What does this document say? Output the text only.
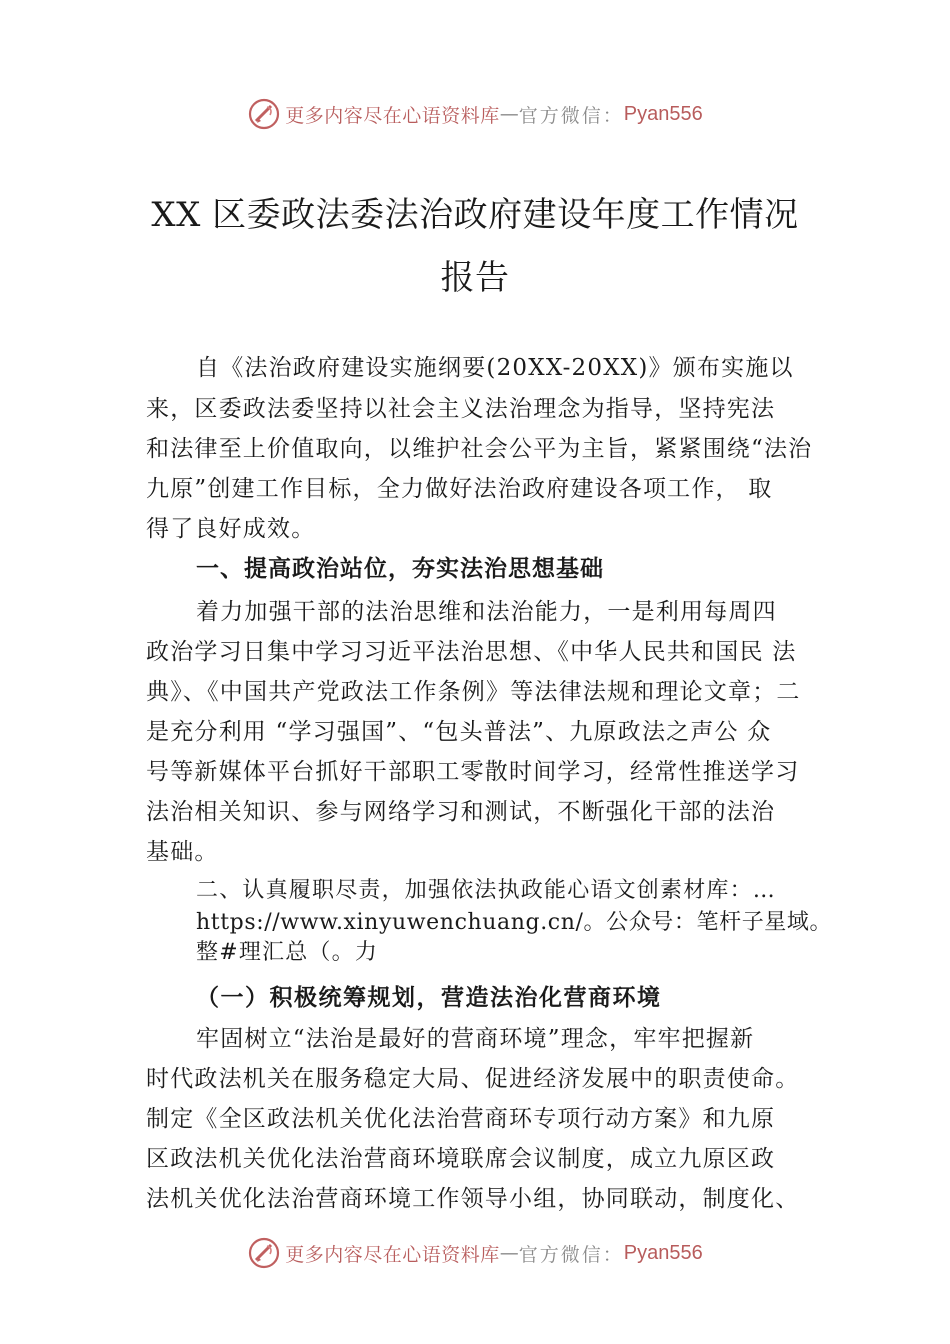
更多内容尽在心语资料库 — 官方微信： Pyan556
XX 区委政法委法治政府建设年度工作情况
报告
自《法治政府建设实施纲要(20XX-20XX)》颁布实施以
来，区委政法委坚持以社会主义法治理念为指导，坚持宪法
和法律至上价值取向，以维护社会公平为主旨，紧紧围绕“法治
九原”创建工作目标，全力做好法治政府建设各项工作， 取
得了良好成效。
一、提高政治站位，夯实法治思想基础
着力加强干部的法治思维和法治能力，一是利用每周四
政治学习日集中学习习近平法治思想、《中华人民共和国民 法
典》、《中国共产党政法工作条例》等法律法规和理论文章；二
是充分利用 “学习强国”、“包头普法”、九原政法之声公 众
号等新媒体平台抓好干部职工零散时间学习，经常性推送学习
法治相关知识、参与网络学习和测试，不断强化干部的法治
基础。
二、认真履职尽责，加强依法执政能心语文创素材库：…
https://www.xinyuwenchuang.cn/。公众号：笔杆子星域。
整#理汇总（。力
（一）积极统筹规划，营造法治化营商环境
牢固树立“法治是最好的营商环境”理念，牢牢把握新
时代政法机关在服务稳定大局、促进经济发展中的职责使命。
制定《全区政法机关优化法治营商环专项行动方案》和九原
区政法机关优化法治营商环境联席会议制度，成立九原区政
法机关优化法治营商环境工作领导小组，协同联动，制度化、
更多内容尽在心语资料库 — 官方微信： Pyan556
